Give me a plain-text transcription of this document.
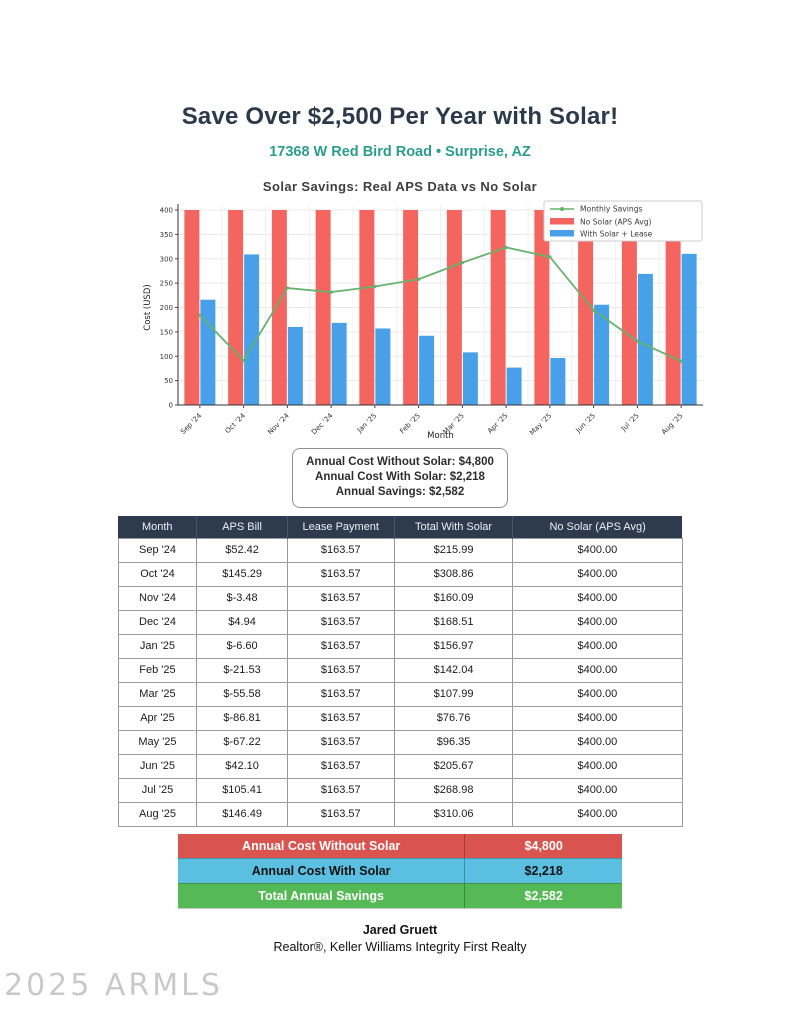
Save Over $2,500 Per Year with Solar!
17368 W Red Bird Road • Surprise, AZ
Solar Savings: Real APS Data vs No Solar
0
50
100
150
200
250
300
350
400
Sep '24	Oct '24	Nov '24	Dec '24	Jan '25	Feb '25	Mar '25	Apr '25	May '25	Jun '25	Jul '25	Aug '25
Month
Cost (USD)
Monthly Savings
No Solar (APS Avg)
With Solar + Lease
Annual Cost Without Solar: $4,800
Annual Cost With Solar: $2,218
Annual Savings: $2,582
Month	APS Bill	Lease Payment	Total With Solar	No Solar (APS Avg)
Sep '24	$52.42	$163.57	$215.99	$400.00
Oct '24	$145.29	$163.57	$308.86	$400.00
Nov '24	$-3.48	$163.57	$160.09	$400.00
Dec '24	$4.94	$163.57	$168.51	$400.00
Jan '25	$-6.60	$163.57	$156.97	$400.00
Feb '25	$-21.53	$163.57	$142.04	$400.00
Mar '25	$-55.58	$163.57	$107.99	$400.00
Apr '25	$-86.81	$163.57	$76.76	$400.00
May '25	$-67.22	$163.57	$96.35	$400.00
Jun '25	$42.10	$163.57	$205.67	$400.00
Jul '25	$105.41	$163.57	$268.98	$400.00
Aug '25	$146.49	$163.57	$310.06	$400.00
Annual Cost Without Solar	$4,800
Annual Cost With Solar	$2,218
Total Annual Savings	$2,582
Jared Gruett
Realtor®, Keller Williams Integrity First Realty
2025 ARMLS
